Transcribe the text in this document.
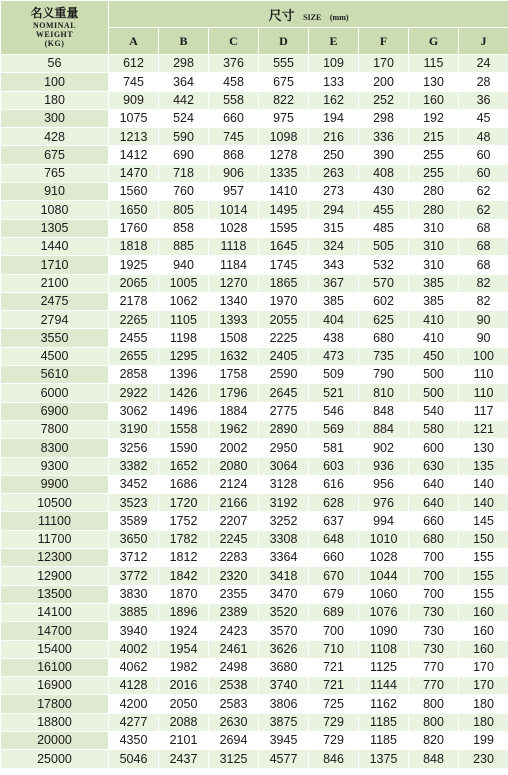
名义重量
NOMINAL
WEIGHT
(KG)	尺寸 SIZE (mm)							
	A	B	C	D	E	F	G	J
56	612	298	376	555	109	170	115	24
100	745	364	458	675	133	200	130	28
180	909	442	558	822	162	252	160	36
300	1075	524	660	975	194	298	192	45
428	1213	590	745	1098	216	336	215	48
675	1412	690	868	1278	250	390	255	60
765	1470	718	906	1335	263	408	255	60
910	1560	760	957	1410	273	430	280	62
1080	1650	805	1014	1495	294	455	280	62
1305	1760	858	1028	1595	315	485	310	68
1440	1818	885	1118	1645	324	505	310	68
1710	1925	940	1184	1745	343	532	310	68
2100	2065	1005	1270	1865	367	570	385	82
2475	2178	1062	1340	1970	385	602	385	82
2794	2265	1105	1393	2055	404	625	410	90
3550	2455	1198	1508	2225	438	680	410	90
4500	2655	1295	1632	2405	473	735	450	100
5610	2858	1396	1758	2590	509	790	500	110
6000	2922	1426	1796	2645	521	810	500	110
6900	3062	1496	1884	2775	546	848	540	117
7800	3190	1558	1962	2890	569	884	580	121
8300	3256	1590	2002	2950	581	902	600	130
9300	3382	1652	2080	3064	603	936	630	135
9900	3452	1686	2124	3128	616	956	640	140
10500	3523	1720	2166	3192	628	976	640	140
11100	3589	1752	2207	3252	637	994	660	145
11700	3650	1782	2245	3308	648	1010	680	150
12300	3712	1812	2283	3364	660	1028	700	155
12900	3772	1842	2320	3418	670	1044	700	155
13500	3830	1870	2355	3470	679	1060	700	155
14100	3885	1896	2389	3520	689	1076	730	160
14700	3940	1924	2423	3570	700	1090	730	160
15400	4002	1954	2461	3626	710	1108	730	160
16100	4062	1982	2498	3680	721	1125	770	170
16900	4128	2016	2538	3740	721	1144	770	170
17800	4200	2050	2583	3806	725	1162	800	180
18800	4277	2088	2630	3875	729	1185	800	180
20000	4350	2101	2694	3945	729	1185	820	199
25000	5046	2437	3125	4577	846	1375	848	230
